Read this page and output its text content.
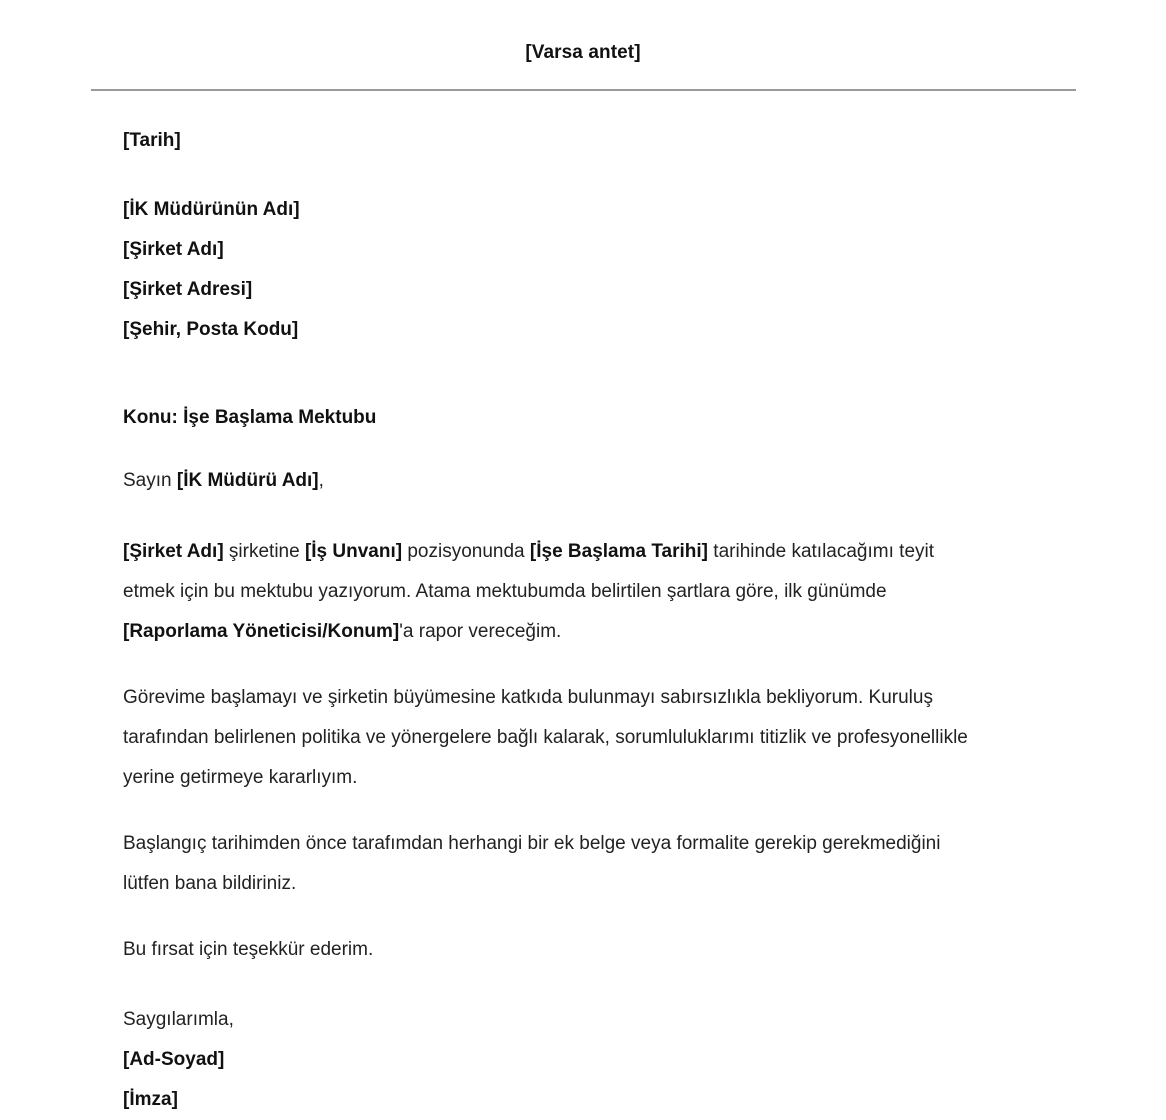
[Varsa antet]
[Tarih]
[İK Müdürünün Adı]
[Şirket Adı]
[Şirket Adresi]
[Şehir, Posta Kodu]
Konu: İşe Başlama Mektubu
Sayın [İK Müdürü Adı],
[Şirket Adı] şirketine [İş Unvanı] pozisyonunda [İşe Başlama Tarihi] tarihinde katılacağımı teyit etmek için bu mektubu yazıyorum. Atama mektubumda belirtilen şartlara göre, ilk günümde [Raporlama Yöneticisi/Konum]'a rapor vereceğim.
Görevime başlamayı ve şirketin büyümesine katkıda bulunmayı sabırsızlıkla bekliyorum. Kuruluş tarafından belirlenen politika ve yönergelere bağlı kalarak, sorumluluklarımı titizlik ve profesyonellikle yerine getirmeye kararlıyım.
Başlangıç tarihimden önce tarafımdan herhangi bir ek belge veya formalite gerekip gerekmediğini lütfen bana bildiriniz.
Bu fırsat için teşekkür ederim.
Saygılarımla,
[Ad-Soyad]
[İmza]
